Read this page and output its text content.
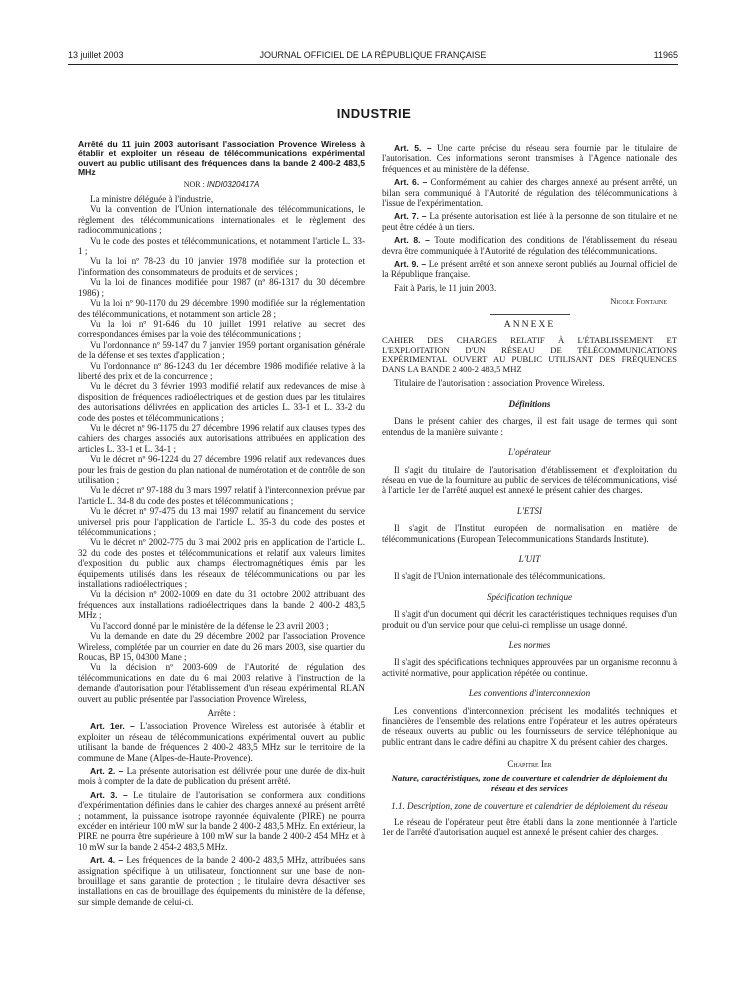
13 juillet 2003	JOURNAL OFFICIEL DE LA RÉPUBLIQUE FRANÇAISE	11965
INDUSTRIE

Arrêté du 11 juin 2003 autorisant l'association Provence Wireless à établir et exploiter un réseau de télécommunications expérimental ouvert au public utilisant des fréquences dans la bande 2 400-2 483,5 MHz

NOR : INDI0320417A

La ministre déléguée à l'industrie,

Vu la convention de l'Union internationale des télécommunications, le règlement des télécommunications internationales et le règlement des radiocommunications ;

Vu le code des postes et télécommunications, et notamment l'article L. 33-1 ;

Vu la loi nº 78-23 du 10 janvier 1978 modifiée sur la protection et l'information des consommateurs de produits et de services ;

Vu la loi de finances modifiée pour 1987 (nº 86-1317 du 30 décembre 1986) ;

Vu la loi nº 90-1170 du 29 décembre 1990 modifiée sur la réglementation des télécommunications, et notamment son article 28 ;

Vu la loi nº 91-646 du 10 juillet 1991 relative au secret des correspondances émises par la voie des télécommunications ;

Vu l'ordonnance nº 59-147 du 7 janvier 1959 portant organisation générale de la défense et ses textes d'application ;

Vu l'ordonnance nº 86-1243 du 1er décembre 1986 modifiée relative à la liberté des prix et de la concurrence ;

Vu le décret du 3 février 1993 modifié relatif aux redevances de mise à disposition de fréquences radioélectriques et de gestion dues par les titulaires des autorisations délivrées en application des articles L. 33-1 et L. 33-2 du code des postes et télécommunications ;

Vu le décret nº 96-1175 du 27 décembre 1996 relatif aux clauses types des cahiers des charges associés aux autorisations attribuées en application des articles L. 33-1 et L. 34-1 ;

Vu le décret nº 96-1224 du 27 décembre 1996 relatif aux redevances dues pour les frais de gestion du plan national de numérotation et de contrôle de son utilisation ;

Vu le décret nº 97-188 du 3 mars 1997 relatif à l'interconnexion prévue par l'article L. 34-8 du code des postes et télécommunications ;

Vu le décret nº 97-475 du 13 mai 1997 relatif au financement du service universel pris pour l'application de l'article L. 35-3 du code des postes et télécommunications ;

Vu le décret nº 2002-775 du 3 mai 2002 pris en application de l'article L. 32 du code des postes et télécommunications et relatif aux valeurs limites d'exposition du public aux champs électromagnétiques émis par les équipements utilisés dans les réseaux de télécommunications ou par les installations radioélectriques ;

Vu la décision nº 2002-1009 en date du 31 octobre 2002 attribuant des fréquences aux installations radioélectriques dans la bande 2 400-2 483,5 MHz ;

Vu l'accord donné par le ministère de la défense le 23 avril 2003 ;

Vu la demande en date du 29 décembre 2002 par l'association Provence Wireless, complétée par un courrier en date du 26 mars 2003, sise quartier du Roucas, BP 15, 04300 Mane ;

Vu la décision nº 2003-609 de l'Autorité de régulation des télécommunications en date du 6 mai 2003 relative à l'instruction de la demande d'autorisation pour l'établissement d'un réseau expérimental RLAN ouvert au public présentée par l'association Provence Wireless,

Arrête :

Art. 1er. – L'association Provence Wireless est autorisée à établir et exploiter un réseau de télécommunications expérimental ouvert au public utilisant la bande de fréquences 2 400-2 483,5 MHz sur le territoire de la commune de Mane (Alpes-de-Haute-Provence).

Art. 2. – La présente autorisation est délivrée pour une durée de dix-huit mois à compter de la date de publication du présent arrêté.

Art. 3. – Le titulaire de l'autorisation se conformera aux conditions d'expérimentation définies dans le cahier des charges annexé au présent arrêté ; notamment, la puissance isotrope rayonnée équivalente (PIRE) ne pourra excéder en intérieur 100 mW sur la bande 2 400-2 483,5 MHz. En extérieur, la PIRE ne pourra être supérieure à 100 mW sur la bande 2 400-2 454 MHz et à 10 mW sur la bande 2 454-2 483,5 MHz.

Art. 4. – Les fréquences de la bande 2 400-2 483,5 MHz, attribuées sans assignation spécifique à un utilisateur, fonctionnent sur une base de non-brouillage et sans garantie de protection ; le titulaire devra désactiver ses installations en cas de brouillage des équipements du ministère de la défense, sur simple demande de celui-ci.

Art. 5. – Une carte précise du réseau sera fournie par le titulaire de l'autorisation. Ces informations seront transmises à l'Agence nationale des fréquences et au ministère de la défense.

Art. 6. – Conformément au cahier des charges annexé au présent arrêté, un bilan sera communiqué à l'Autorité de régulation des télécommunications à l'issue de l'expérimentation.

Art. 7. – La présente autorisation est liée à la personne de son titulaire et ne peut être cédée à un tiers.

Art. 8. – Toute modification des conditions de l'établissement du réseau devra être communiquée à l'Autorité de régulation des télécommunications.

Art. 9. – Le présent arrêté et son annexe seront publiés au Journal officiel de la République française.

Fait à Paris, le 11 juin 2003.

Nicole Fontaine

ANNEXE

CAHIER DES CHARGES RELATIF À L'ÉTABLISSEMENT ET L'EXPLOITATION D'UN RÉSEAU DE TÉLÉCOMMUNICATIONS EXPÉRIMENTAL OUVERT AU PUBLIC UTILISANT DES FRÉQUENCES DANS LA BANDE 2 400-2 483,5 MHZ

Titulaire de l'autorisation : association Provence Wireless.

Définitions

Dans le présent cahier des charges, il est fait usage de termes qui sont entendus de la manière suivante :

L'opérateur

Il s'agit du titulaire de l'autorisation d'établissement et d'exploitation du réseau en vue de la fourniture au public de services de télécommunications, visé à l'article 1er de l'arrêté auquel est annexé le présent cahier des charges.

L'ETSI

Il s'agit de l'Institut européen de normalisation en matière de télécommunications (European Telecommunications Standards Institute).

L'UIT

Il s'agit de l'Union internationale des télécommunications.

Spécification technique

Il s'agit d'un document qui décrit les caractéristiques techniques requises d'un produit ou d'un service pour que celui-ci remplisse un usage donné.

Les normes

Il s'agit des spécifications techniques approuvées par un organisme reconnu à activité normative, pour application répétée ou continue.

Les conventions d'interconnexion

Les conventions d'interconnexion précisent les modalités techniques et financières de l'ensemble des relations entre l'opérateur et les autres opérateurs de réseaux ouverts au public ou les fournisseurs de service téléphonique au public entrant dans le cadre défini au chapitre X du présent cahier des charges.

Chapitre Ier

Nature, caractéristiques, zone de couverture et calendrier de déploiement du réseau et des services

1.1. Description, zone de couverture et calendrier de déploiement du réseau

Le réseau de l'opérateur peut être établi dans la zone mentionnée à l'article 1er de l'arrêté d'autorisation auquel est annexé le présent cahier des charges.
